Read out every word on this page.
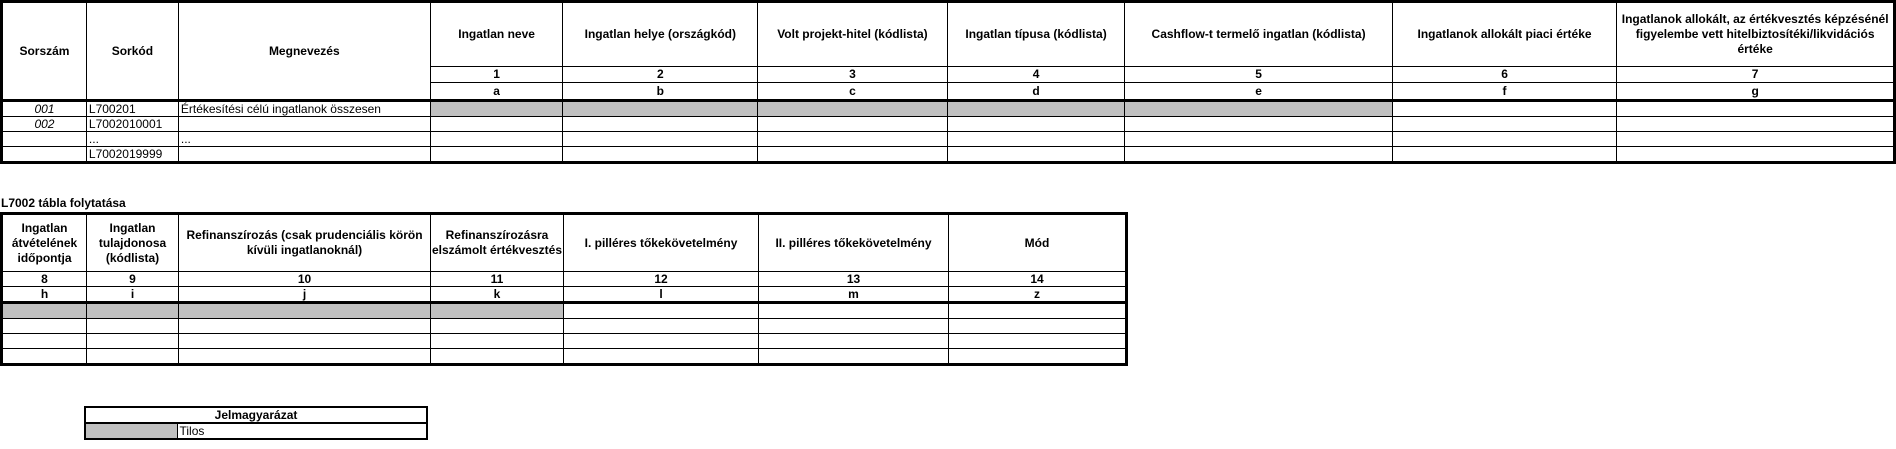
Sorszám	Sorkód	Megnevezés	Ingatlan neve	Ingatlan helye (országkód)	Volt projekt-hitel (kódlista)	Ingatlan típusa (kódlista)	Cashflow-t termelő ingatlan (kódlista)	Ingatlanok allokált piaci értéke	Ingatlanok allokált, az értékvesztés képzésénél figyelembe vett hitelbiztosítéki/likvidációs értéke
			1	2	3	4	5	6	7
			a	b	c	d	e	f	g
001	L700201	Értékesítési célú ingatlanok összesen							
002	L7002010001								
	...	...							
	L7002019999								
L7002 tábla folytatása
Ingatlan átvételének időpontja	Ingatlan tulajdonosa (kódlista)	Refinanszírozás (csak prudenciális körön kívüli ingatlanoknál)	Refinanszírozásra elszámolt értékvesztés	I. pilléres tőkekövetelmény	II. pilléres tőkekövetelmény	Mód
8	9	10	11	12	13	14
h	i	j	k	l	m	z

Jelmagyarázat
	Tilos
